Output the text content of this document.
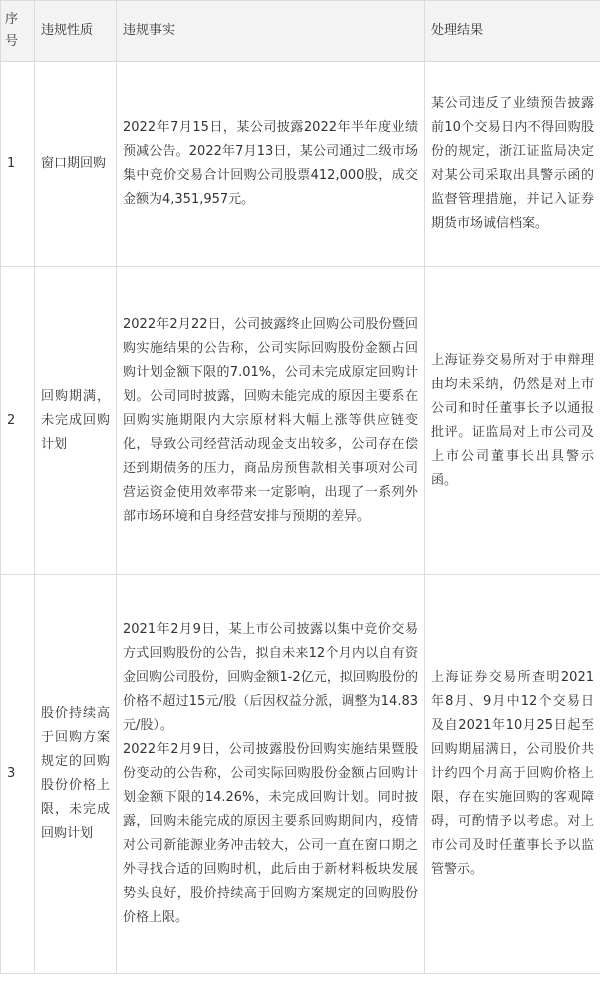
序号	违规性质	违规事实	处理结果
1	窗口期回购	2022年7月15日，某公司披露2022年半年度业绩预减公告。2022年7月13日，某公司通过二级市场集中竞价交易合计回购公司股票412,000股，成交金额为4,351,957元。	某公司违反了业绩预告披露前10个交易日内不得回购股份的规定，浙江证监局决定对某公司采取出具警示函的监督管理措施，并记入证券期货市场诚信档案。
2	回购期满，未完成回购计划	2022年2月22日，公司披露终止回购公司股份暨回购实施结果的公告称，公司实际回购股份金额占回购计划金额下限的7.01%，公司未完成原定回购计划。公司同时披露，回购未能完成的原因主要系在回购实施期限内大宗原材料大幅上涨等供应链变化，导致公司经营活动现金支出较多，公司存在偿还到期债务的压力，商品房预售款相关事项对公司营运资金使用效率带来一定影响，出现了一系列外部市场环境和自身经营安排与预期的差异。	上海证券交易所对于申辩理由均未采纳，仍然是对上市公司和时任董事长予以通报批评。证监局对上市公司及上市公司董事长出具警示函。
3	股价持续高于回购方案规定的回购股份价格上限，未完成回购计划	2021年2月9日，某上市公司披露以集中竞价交易方式回购股份的公告，拟自未来12个月内以自有资金回购公司股份，回购金额1-2亿元，拟回购股份的价格不超过15元/股（后因权益分派，调整为14.83元/股）。
2022年2月9日，公司披露股份回购实施结果暨股份变动的公告称，公司实际回购股份金额占回购计划金额下限的14.26%，未完成回购计划。同时披露，回购未能完成的原因主要系回购期间内，疫情对公司新能源业务冲击较大，公司一直在窗口期之外寻找合适的回购时机，此后由于新材料板块发展势头良好，股价持续高于回购方案规定的回购股份价格上限。	上海证券交易所查明2021年8月、9月中12个交易日及自2021年10月25日起至回购期届满日，公司股价共计约四个月高于回购价格上限，存在实施回购的客观障碍，可酌情予以考虑。对上市公司及时任董事长予以监管警示。
